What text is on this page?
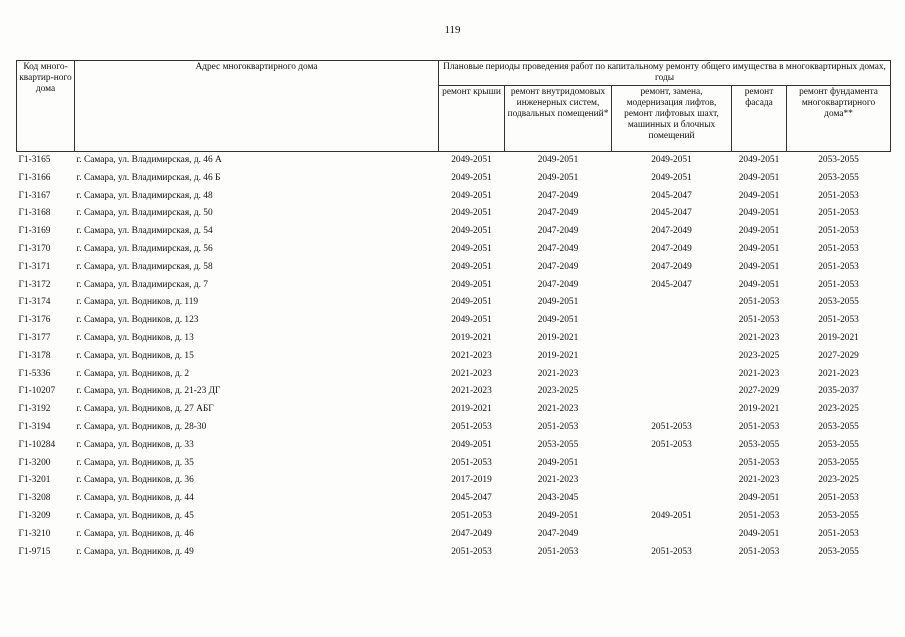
119
Код много-квартир-ного дома	Адрес многоквартирного дома	Плановые периоды проведения работ по капитальному ремонту общего имущества в многоквартирных домах, годы				
		ремонт крыши	ремонт внутридомовых инженерных систем, подвальных помещений*	ремонт, замена, модернизация лифтов, ремонт лифтовых шахт, машинных и блочных помещений	ремонт фасада	ремонт фундамента многоквартирного дома**
Г1-3165	г. Самара, ул. Владимирская, д. 46 А	2049-2051	2049-2051	2049-2051	2049-2051	2053-2055
Г1-3166	г. Самара, ул. Владимирская, д. 46 Б	2049-2051	2049-2051	2049-2051	2049-2051	2053-2055
Г1-3167	г. Самара, ул. Владимирская, д. 48	2049-2051	2047-2049	2045-2047	2049-2051	2051-2053
Г1-3168	г. Самара, ул. Владимирская, д. 50	2049-2051	2047-2049	2045-2047	2049-2051	2051-2053
Г1-3169	г. Самара, ул. Владимирская, д. 54	2049-2051	2047-2049	2047-2049	2049-2051	2051-2053
Г1-3170	г. Самара, ул. Владимирская, д. 56	2049-2051	2047-2049	2047-2049	2049-2051	2051-2053
Г1-3171	г. Самара, ул. Владимирская, д. 58	2049-2051	2047-2049	2047-2049	2049-2051	2051-2053
Г1-3172	г. Самара, ул. Владимирская, д. 7	2049-2051	2047-2049	2045-2047	2049-2051	2051-2053
Г1-3174	г. Самара, ул. Водников, д. 119	2049-2051	2049-2051		2051-2053	2053-2055
Г1-3176	г. Самара, ул. Водников, д. 123	2049-2051	2049-2051		2051-2053	2051-2053
Г1-3177	г. Самара, ул. Водников, д. 13	2019-2021	2019-2021		2021-2023	2019-2021
Г1-3178	г. Самара, ул. Водников, д. 15	2021-2023	2019-2021		2023-2025	2027-2029
Г1-5336	г. Самара, ул. Водников, д. 2	2021-2023	2021-2023		2021-2023	2021-2023
Г1-10207	г. Самара, ул. Водников, д. 21-23 ДГ	2021-2023	2023-2025		2027-2029	2035-2037
Г1-3192	г. Самара, ул. Водников, д. 27 АБГ	2019-2021	2021-2023		2019-2021	2023-2025
Г1-3194	г. Самара, ул. Водников, д. 28-30	2051-2053	2051-2053	2051-2053	2051-2053	2053-2055
Г1-10284	г. Самара, ул. Водников, д. 33	2049-2051	2053-2055	2051-2053	2053-2055	2053-2055
Г1-3200	г. Самара, ул. Водников, д. 35	2051-2053	2049-2051		2051-2053	2053-2055
Г1-3201	г. Самара, ул. Водников, д. 36	2017-2019	2021-2023		2021-2023	2023-2025
Г1-3208	г. Самара, ул. Водников, д. 44	2045-2047	2043-2045		2049-2051	2051-2053
Г1-3209	г. Самара, ул. Водников, д. 45	2051-2053	2049-2051	2049-2051	2051-2053	2053-2055
Г1-3210	г. Самара, ул. Водников, д. 46	2047-2049	2047-2049		2049-2051	2051-2053
Г1-9715	г. Самара, ул. Водников, д. 49	2051-2053	2051-2053	2051-2053	2051-2053	2053-2055
